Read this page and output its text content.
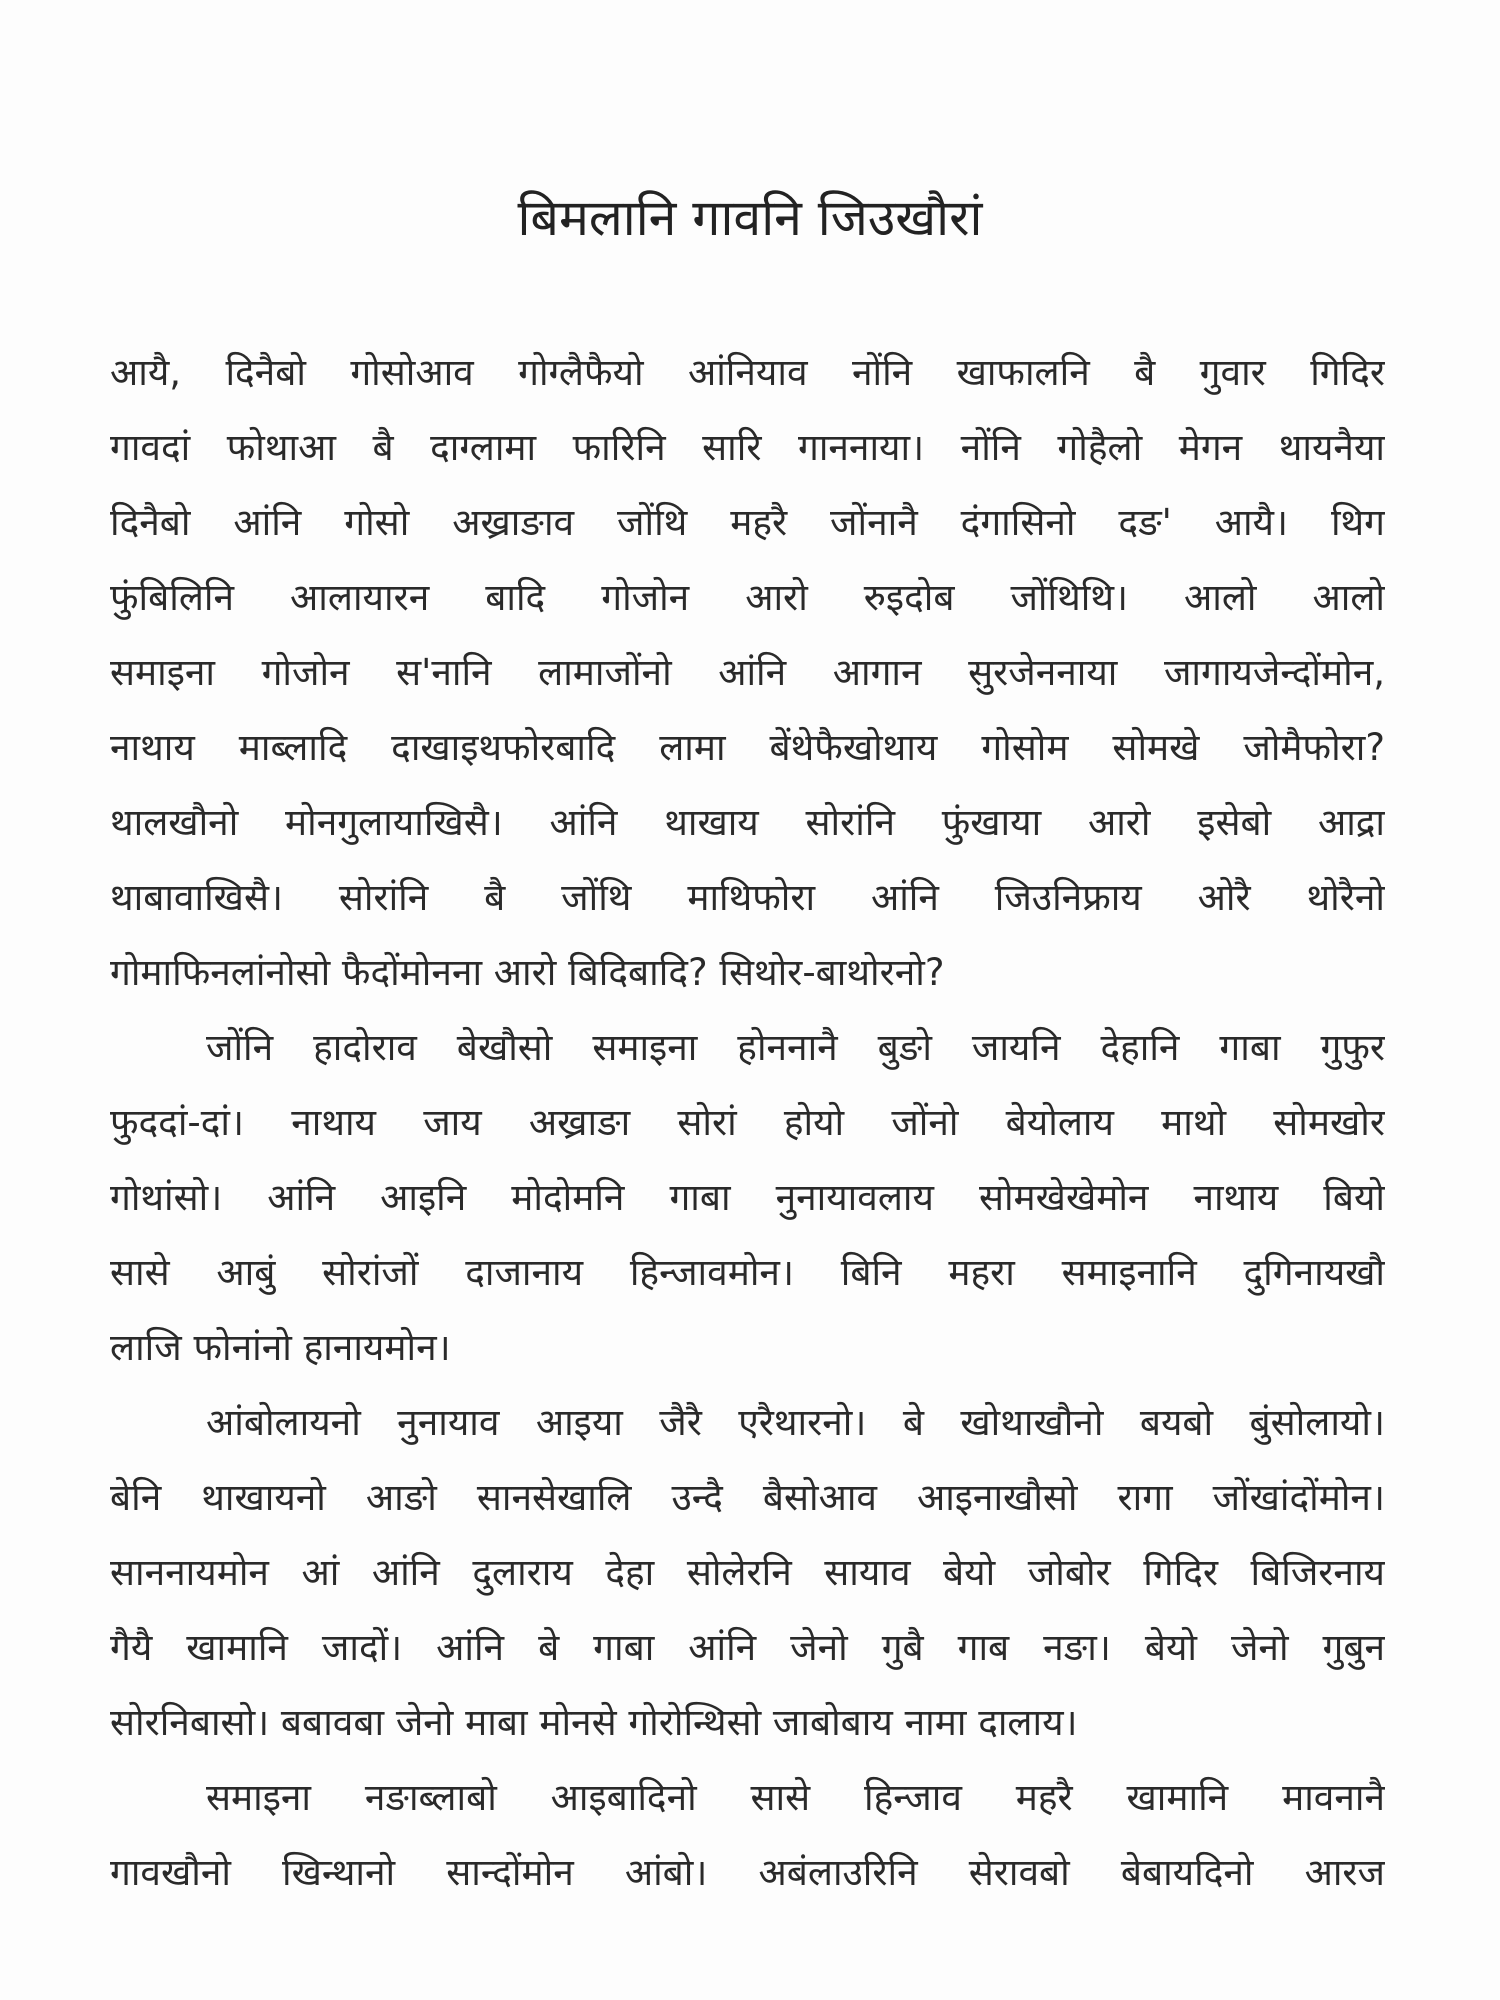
बिमलानि गावनि जिउखौरां
आयै, दिनैबो गोसोआव गोग्लैफैयो आंनियाव नोंनि खाफालनि बै गुवार गिदिर
गावदां फोथाआ बै दाग्लामा फारिनि सारि गाननाया। नोंनि गोहैलो मेगन थायनैया
दिनैबो आंनि गोसो अख्राङाव जोंथि महरै जोंनानै दंगासिनो दङ' आयै। थिग
फुंबिलिनि आलायारन बादि गोजोन आरो रुइदोब जोंथिथि। आलो आलो
समाइना गोजोन स'नानि लामाजोंनो आंनि आगान सुरजेननाया जागायजेन्दोंमोन,
नाथाय माब्लादि दाखाइथफोरबादि लामा बेंथेफैखोथाय गोसोम सोमखे जोमैफोरा?
थालखौनो मोनगुलायाखिसै। आंनि थाखाय सोरांनि फुंखाया आरो इसेबो आद्रा
थाबावाखिसै। सोरांनि बै जोंथि माथिफोरा आंनि जिउनिफ्राय ओरै थोरैनो
गोमाफिनलांनोसो फैदोंमोनना आरो बिदिबादि? सिथोर-बाथोरनो?
जोंनि हादोराव बेखौसो समाइना होननानै बुङो जायनि देहानि गाबा गुफुर
फुददां-दां। नाथाय जाय अख्राङा सोरां होयो जोंनो बेयोलाय माथो सोमखोर
गोथांसो। आंनि आइनि मोदोमनि गाबा नुनायावलाय सोमखेखेमोन नाथाय बियो
सासे आबुं सोरांजों दाजानाय हिन्जावमोन। बिनि महरा समाइनानि दुगिनायखौ
लाजि फोनांनो हानायमोन।
आंबोलायनो नुनायाव आइया जैरै एरैथारनो। बे खोथाखौनो बयबो बुंसोलायो।
बेनि थाखायनो आङो सानसेखालि उन्दै बैसोआव आइनाखौसो रागा जोंखांदोंमोन।
साननायमोन आं आंनि दुलाराय देहा सोलेरनि सायाव बेयो जोबोर गिदिर बिजिरनाय
गैयै खामानि जादों। आंनि बे गाबा आंनि जेनो गुबै गाब नङा। बेयो जेनो गुबुन
सोरनिबासो। बबावबा जेनो माबा मोनसे गोरोन्थिसो जाबोबाय नामा दालाय।
समाइना नङाब्लाबो आइबादिनो सासे हिन्जाव महरै खामानि मावनानै
गावखौनो खिन्थानो सान्दोंमोन आंबो। अबंलाउरिनि सेरावबो बेबायदिनो आरज
